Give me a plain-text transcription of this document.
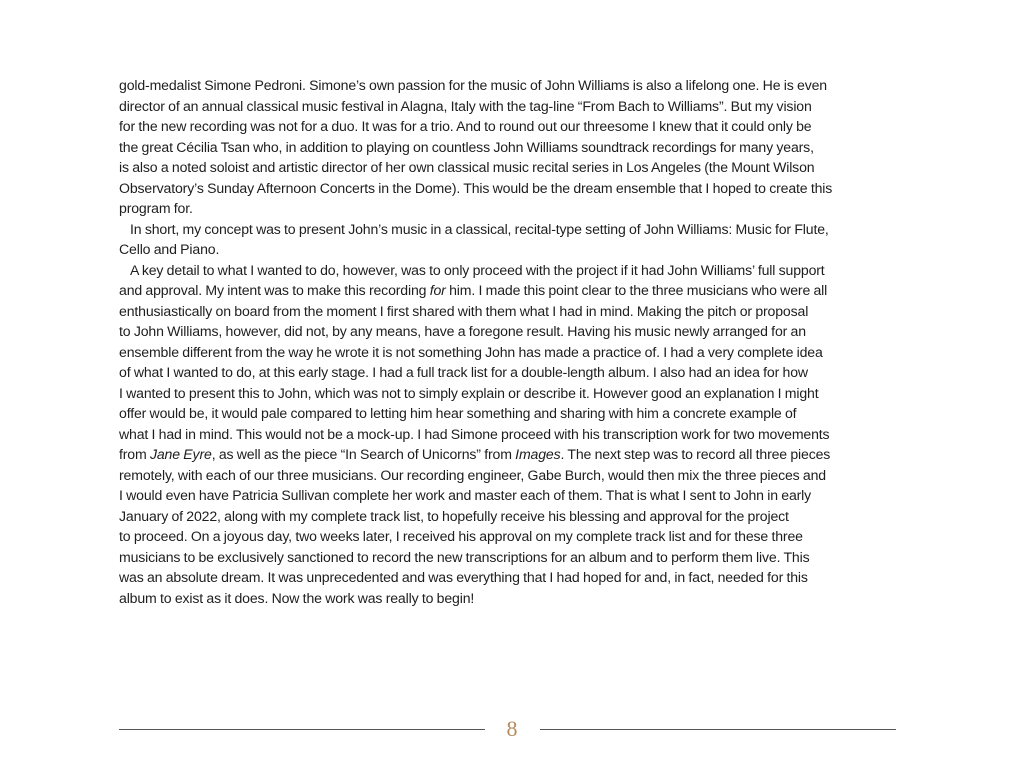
gold-medalist Simone Pedroni. Simone’s own passion for the music of John Williams is also a lifelong one. He is even
director of an annual classical music festival in Alagna, Italy with the tag-line “From Bach to Williams”. But my vision
for the new recording was not for a duo. It was for a trio. And to round out our threesome I knew that it could only be
the great Cécilia Tsan who, in addition to playing on countless John Williams soundtrack recordings for many years,
is also a noted soloist and artistic director of her own classical music recital series in Los Angeles (the Mount Wilson
Observatory’s Sunday Afternoon Concerts in the Dome). This would be the dream ensemble that I hoped to create this
program for.
In short, my concept was to present John’s music in a classical, recital-type setting of John Williams: Music for Flute,
Cello and Piano.
A key detail to what I wanted to do, however, was to only proceed with the project if it had John Williams’ full support
and approval. My intent was to make this recording for him. I made this point clear to the three musicians who were all
enthusiastically on board from the moment I first shared with them what I had in mind. Making the pitch or proposal
to John Williams, however, did not, by any means, have a foregone result. Having his music newly arranged for an
ensemble different from the way he wrote it is not something John has made a practice of. I had a very complete idea
of what I wanted to do, at this early stage. I had a full track list for a double-length album. I also had an idea for how
I wanted to present this to John, which was not to simply explain or describe it. However good an explanation I might
offer would be, it would pale compared to letting him hear something and sharing with him a concrete example of
what I had in mind. This would not be a mock-up. I had Simone proceed with his transcription work for two movements
from Jane Eyre, as well as the piece “In Search of Unicorns” from Images. The next step was to record all three pieces
remotely, with each of our three musicians. Our recording engineer, Gabe Burch, would then mix the three pieces and
I would even have Patricia Sullivan complete her work and master each of them. That is what I sent to John in early
January of 2022, along with my complete track list, to hopefully receive his blessing and approval for the project
to proceed. On a joyous day, two weeks later, I received his approval on my complete track list and for these three
musicians to be exclusively sanctioned to record the new transcriptions for an album and to perform them live. This
was an absolute dream. It was unprecedented and was everything that I had hoped for and, in fact, needed for this
album to exist as it does. Now the work was really to begin!
8
